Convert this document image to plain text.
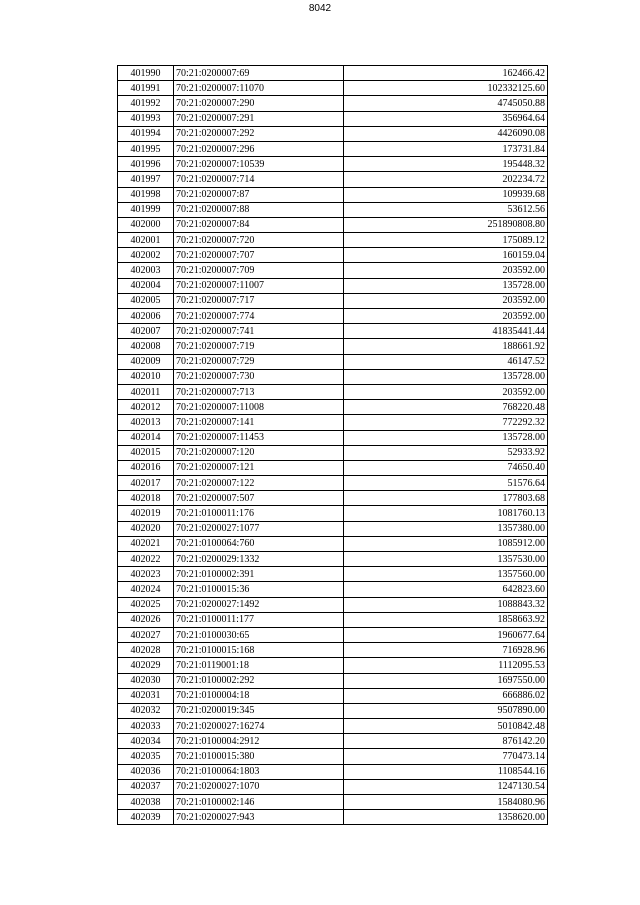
8042
401990	70:21:0200007:69	162466.42
401991	70:21:0200007:11070	102332125.60
401992	70:21:0200007:290	4745050.88
401993	70:21:0200007:291	356964.64
401994	70:21:0200007:292	4426090.08
401995	70:21:0200007:296	173731.84
401996	70:21:0200007:10539	195448.32
401997	70:21:0200007:714	202234.72
401998	70:21:0200007:87	109939.68
401999	70:21:0200007:88	53612.56
402000	70:21:0200007:84	251890808.80
402001	70:21:0200007:720	175089.12
402002	70:21:0200007:707	160159.04
402003	70:21:0200007:709	203592.00
402004	70:21:0200007:11007	135728.00
402005	70:21:0200007:717	203592.00
402006	70:21:0200007:774	203592.00
402007	70:21:0200007:741	41835441.44
402008	70:21:0200007:719	188661.92
402009	70:21:0200007:729	46147.52
402010	70:21:0200007:730	135728.00
402011	70:21:0200007:713	203592.00
402012	70:21:0200007:11008	768220.48
402013	70:21:0200007:141	772292.32
402014	70:21:0200007:11453	135728.00
402015	70:21:0200007:120	52933.92
402016	70:21:0200007:121	74650.40
402017	70:21:0200007:122	51576.64
402018	70:21:0200007:507	177803.68
402019	70:21:0100011:176	1081760.13
402020	70:21:0200027:1077	1357380.00
402021	70:21:0100064:760	1085912.00
402022	70:21:0200029:1332	1357530.00
402023	70:21:0100002:391	1357560.00
402024	70:21:0100015:36	642823.60
402025	70:21:0200027:1492	1088843.32
402026	70:21:0100011:177	1858663.92
402027	70:21:0100030:65	1960677.64
402028	70:21:0100015:168	716928.96
402029	70:21:0119001:18	1112095.53
402030	70:21:0100002:292	1697550.00
402031	70:21:0100004:18	666886.02
402032	70:21:0200019:345	9507890.00
402033	70:21:0200027:16274	5010842.48
402034	70:21:0100004:2912	876142.20
402035	70:21:0100015:380	770473.14
402036	70:21:0100064:1803	1108544.16
402037	70:21:0200027:1070	1247130.54
402038	70:21:0100002:146	1584080.96
402039	70:21:0200027:943	1358620.00
